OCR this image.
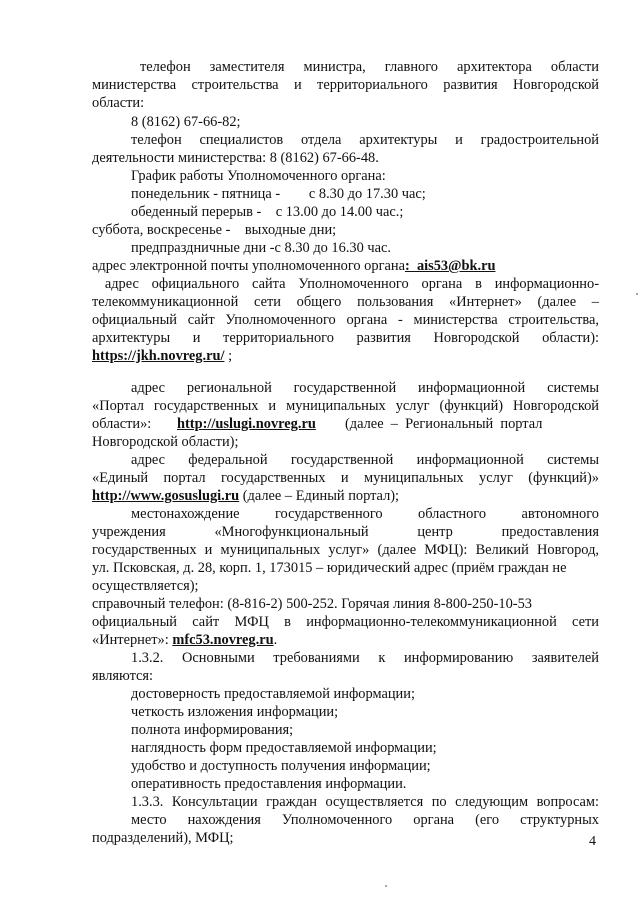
телефон заместителя министра, главного архитектора области
министерства строительства и территориального развития Новгородской
области:
8 (8162) 67-66-82;
телефон специалистов отдела архитектуры и градостроительной
деятельности министерства: 8 (8162) 67-66-48.
График работы Уполномоченного органа:
понедельник - пятница -        с 8.30 до 17.30 час;
обеденный перерыв -    с 13.00 до 14.00 час.;
суббота, воскресенье -    выходные дни;
предпраздничные дни -с 8.30 до 16.30 час.
адрес электронной почты уполномоченного органа:  ais53@bk.ru
адрес официального сайта Уполномоченного органа в информационно-
телекоммуникационной сети общего пользования «Интернет» (далее –
официальный сайт Уполномоченного органа - министерства строительства,
архитектуры и территориального развития Новгородской области):
https://jkh.novreg.ru/ ;
адрес региональной государственной информационной системы
«Портал государственных и муниципальных услуг (функций) Новгородской
области»: http://uslugi.novreg.ru (далее  –  Региональный  портал
Новгородской области);
адрес федеральной государственной информационной системы
«Единый портал государственных и муниципальных услуг (функций)»
http://www.gosuslugi.ru (далее – Единый портал);
местонахождение государственного областного автономного
учреждения «Многофункциональный центр предоставления
государственных и муниципальных услуг» (далее МФЦ): Великий Новгород,
ул. Псковская, д. 28, корп. 1, 173015 – юридический адрес (приём граждан не
осуществляется);
справочный телефон: (8-816-2) 500-252. Горячая линия 8-800-250-10-53
официальный сайт МФЦ в информационно-телекоммуникационной сети
«Интернет»: mfc53.novreg.ru.
1.3.2. Основными требованиями к информированию заявителей
являются:
достоверность предоставляемой информации;
четкость изложения информации;
полнота информирования;
наглядность форм предоставляемой информации;
удобство и доступность получения информации;
оперативность предоставления информации.
1.3.3. Консультации граждан осуществляется по следующим вопросам:
место нахождения Уполномоченного органа (его структурных
подразделений), МФЦ;	4
